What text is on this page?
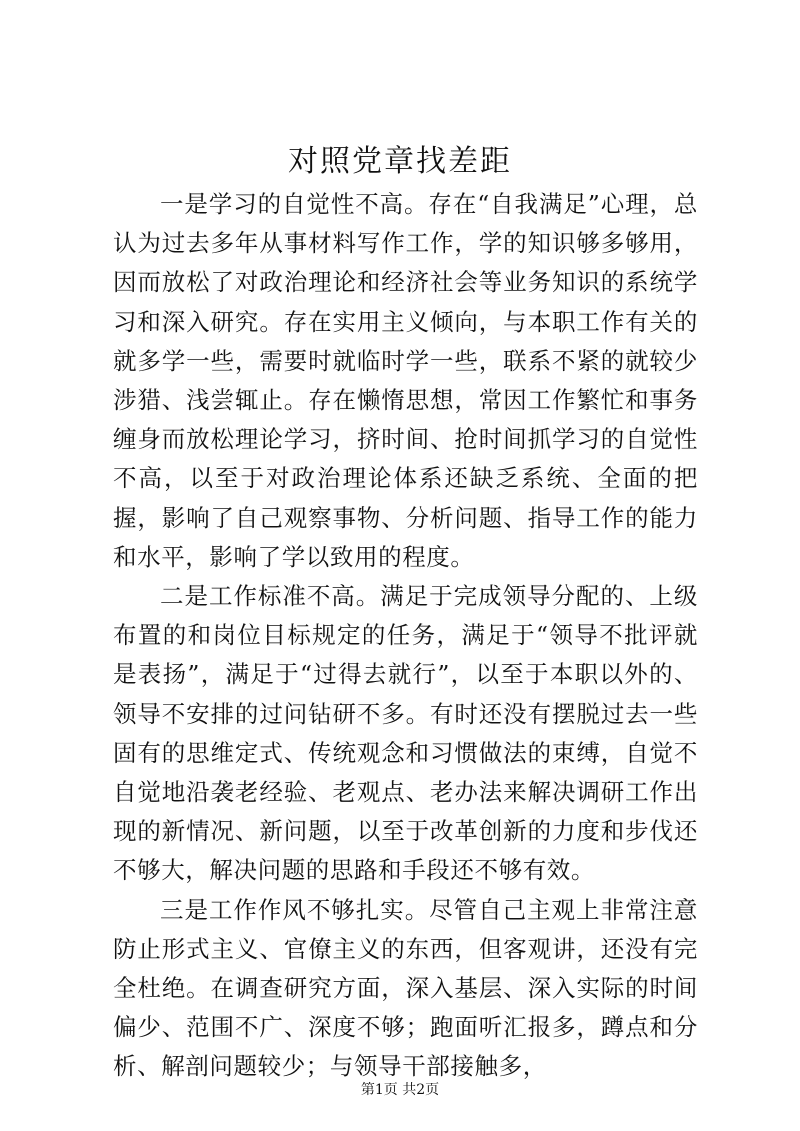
对照党章找差距

一是学习的自觉性不高。存在“自我满足”心理，总认为过去多年从事材料写作工作，学的知识够多够用，因而放松了对政治理论和经济社会等业务知识的系统学习和深入研究。存在实用主义倾向，与本职工作有关的就多学一些，需要时就临时学一些，联系不紧的就较少涉猎、浅尝辄止。存在懒惰思想，常因工作繁忙和事务缠身而放松理论学习，挤时间、抢时间抓学习的自觉性不高，以至于对政治理论体系还缺乏系统、全面的把握，影响了自己观察事物、分析问题、指导工作的能力和水平，影响了学以致用的程度。

二是工作标准不高。满足于完成领导分配的、上级布置的和岗位目标规定的任务，满足于“领导不批评就是表扬”，满足于“过得去就行”，以至于本职以外的、领导不安排的过问钻研不多。有时还没有摆脱过去一些固有的思维定式、传统观念和习惯做法的束缚，自觉不自觉地沿袭老经验、老观点、老办法来解决调研工作出现的新情况、新问题，以至于改革创新的力度和步伐还不够大，解决问题的思路和手段还不够有效。

三是工作作风不够扎实。尽管自己主观上非常注意防止形式主义、官僚主义的东西，但客观讲，还没有完全杜绝。在调查研究方面，深入基层、深入实际的时间偏少、范围不广、深度不够；跑面听汇报多，蹲点和分析、解剖问题较少；与领导干部接触多，

第1页 共2页
